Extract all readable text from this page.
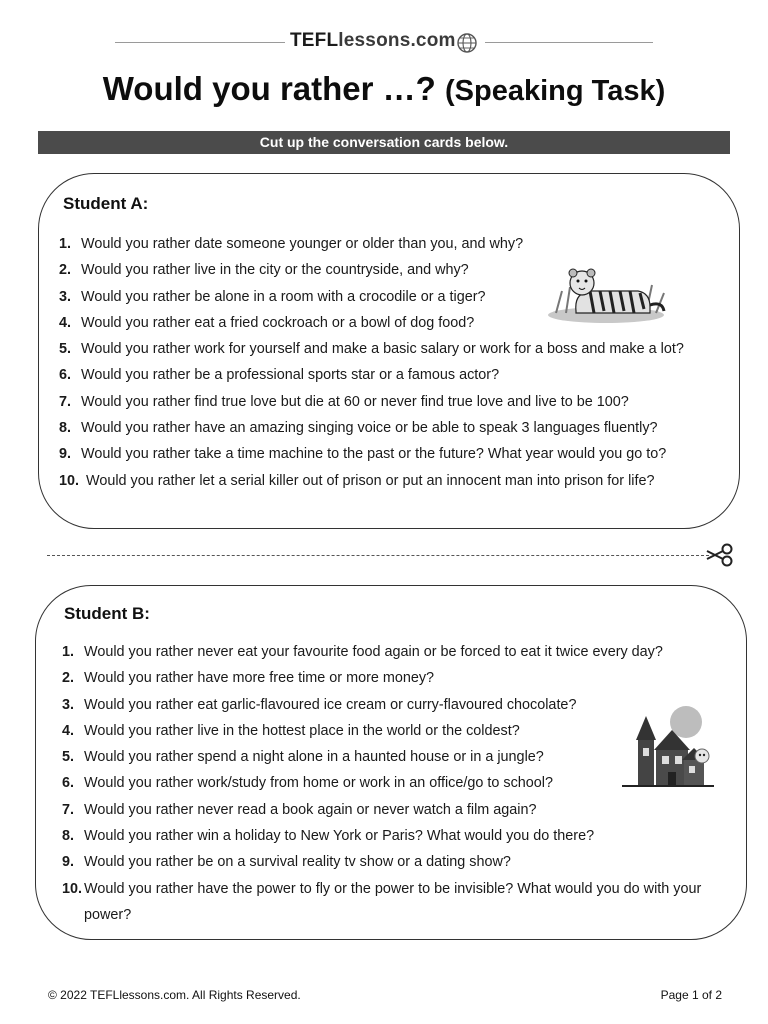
TEFLlessons.com
Would you rather …? (Speaking Task)
Cut up the conversation cards below.
Student A:
1. Would you rather date someone younger or older than you, and why?
2. Would you rather live in the city or the countryside, and why?
3. Would you rather be alone in a room with a crocodile or a tiger?
4. Would you rather eat a fried cockroach or a bowl of dog food?
5. Would you rather work for yourself and make a basic salary or work for a boss and make a lot?
6. Would you rather be a professional sports star or a famous actor?
7. Would you rather find true love but die at 60 or never find true love and live to be 100?
8. Would you rather have an amazing singing voice or be able to speak 3 languages fluently?
9. Would you rather take a time machine to the past or the future? What year would you go to?
10. Would you rather let a serial killer out of prison or put an innocent man into prison for life?
Student B:
1. Would you rather never eat your favourite food again or be forced to eat it twice every day?
2. Would you rather have more free time or more money?
3. Would you rather eat garlic-flavoured ice cream or curry-flavoured chocolate?
4. Would you rather live in the hottest place in the world or the coldest?
5. Would you rather spend a night alone in a haunted house or in a jungle?
6. Would you rather work/study from home or work in an office/go to school?
7. Would you rather never read a book again or never watch a film again?
8. Would you rather win a holiday to New York or Paris? What would you do there?
9. Would you rather be on a survival reality tv show or a dating show?
10. Would you rather have the power to fly or the power to be invisible? What would you do with your power?
© 2022 TEFLlessons.com. All Rights Reserved.	Page 1 of 2
